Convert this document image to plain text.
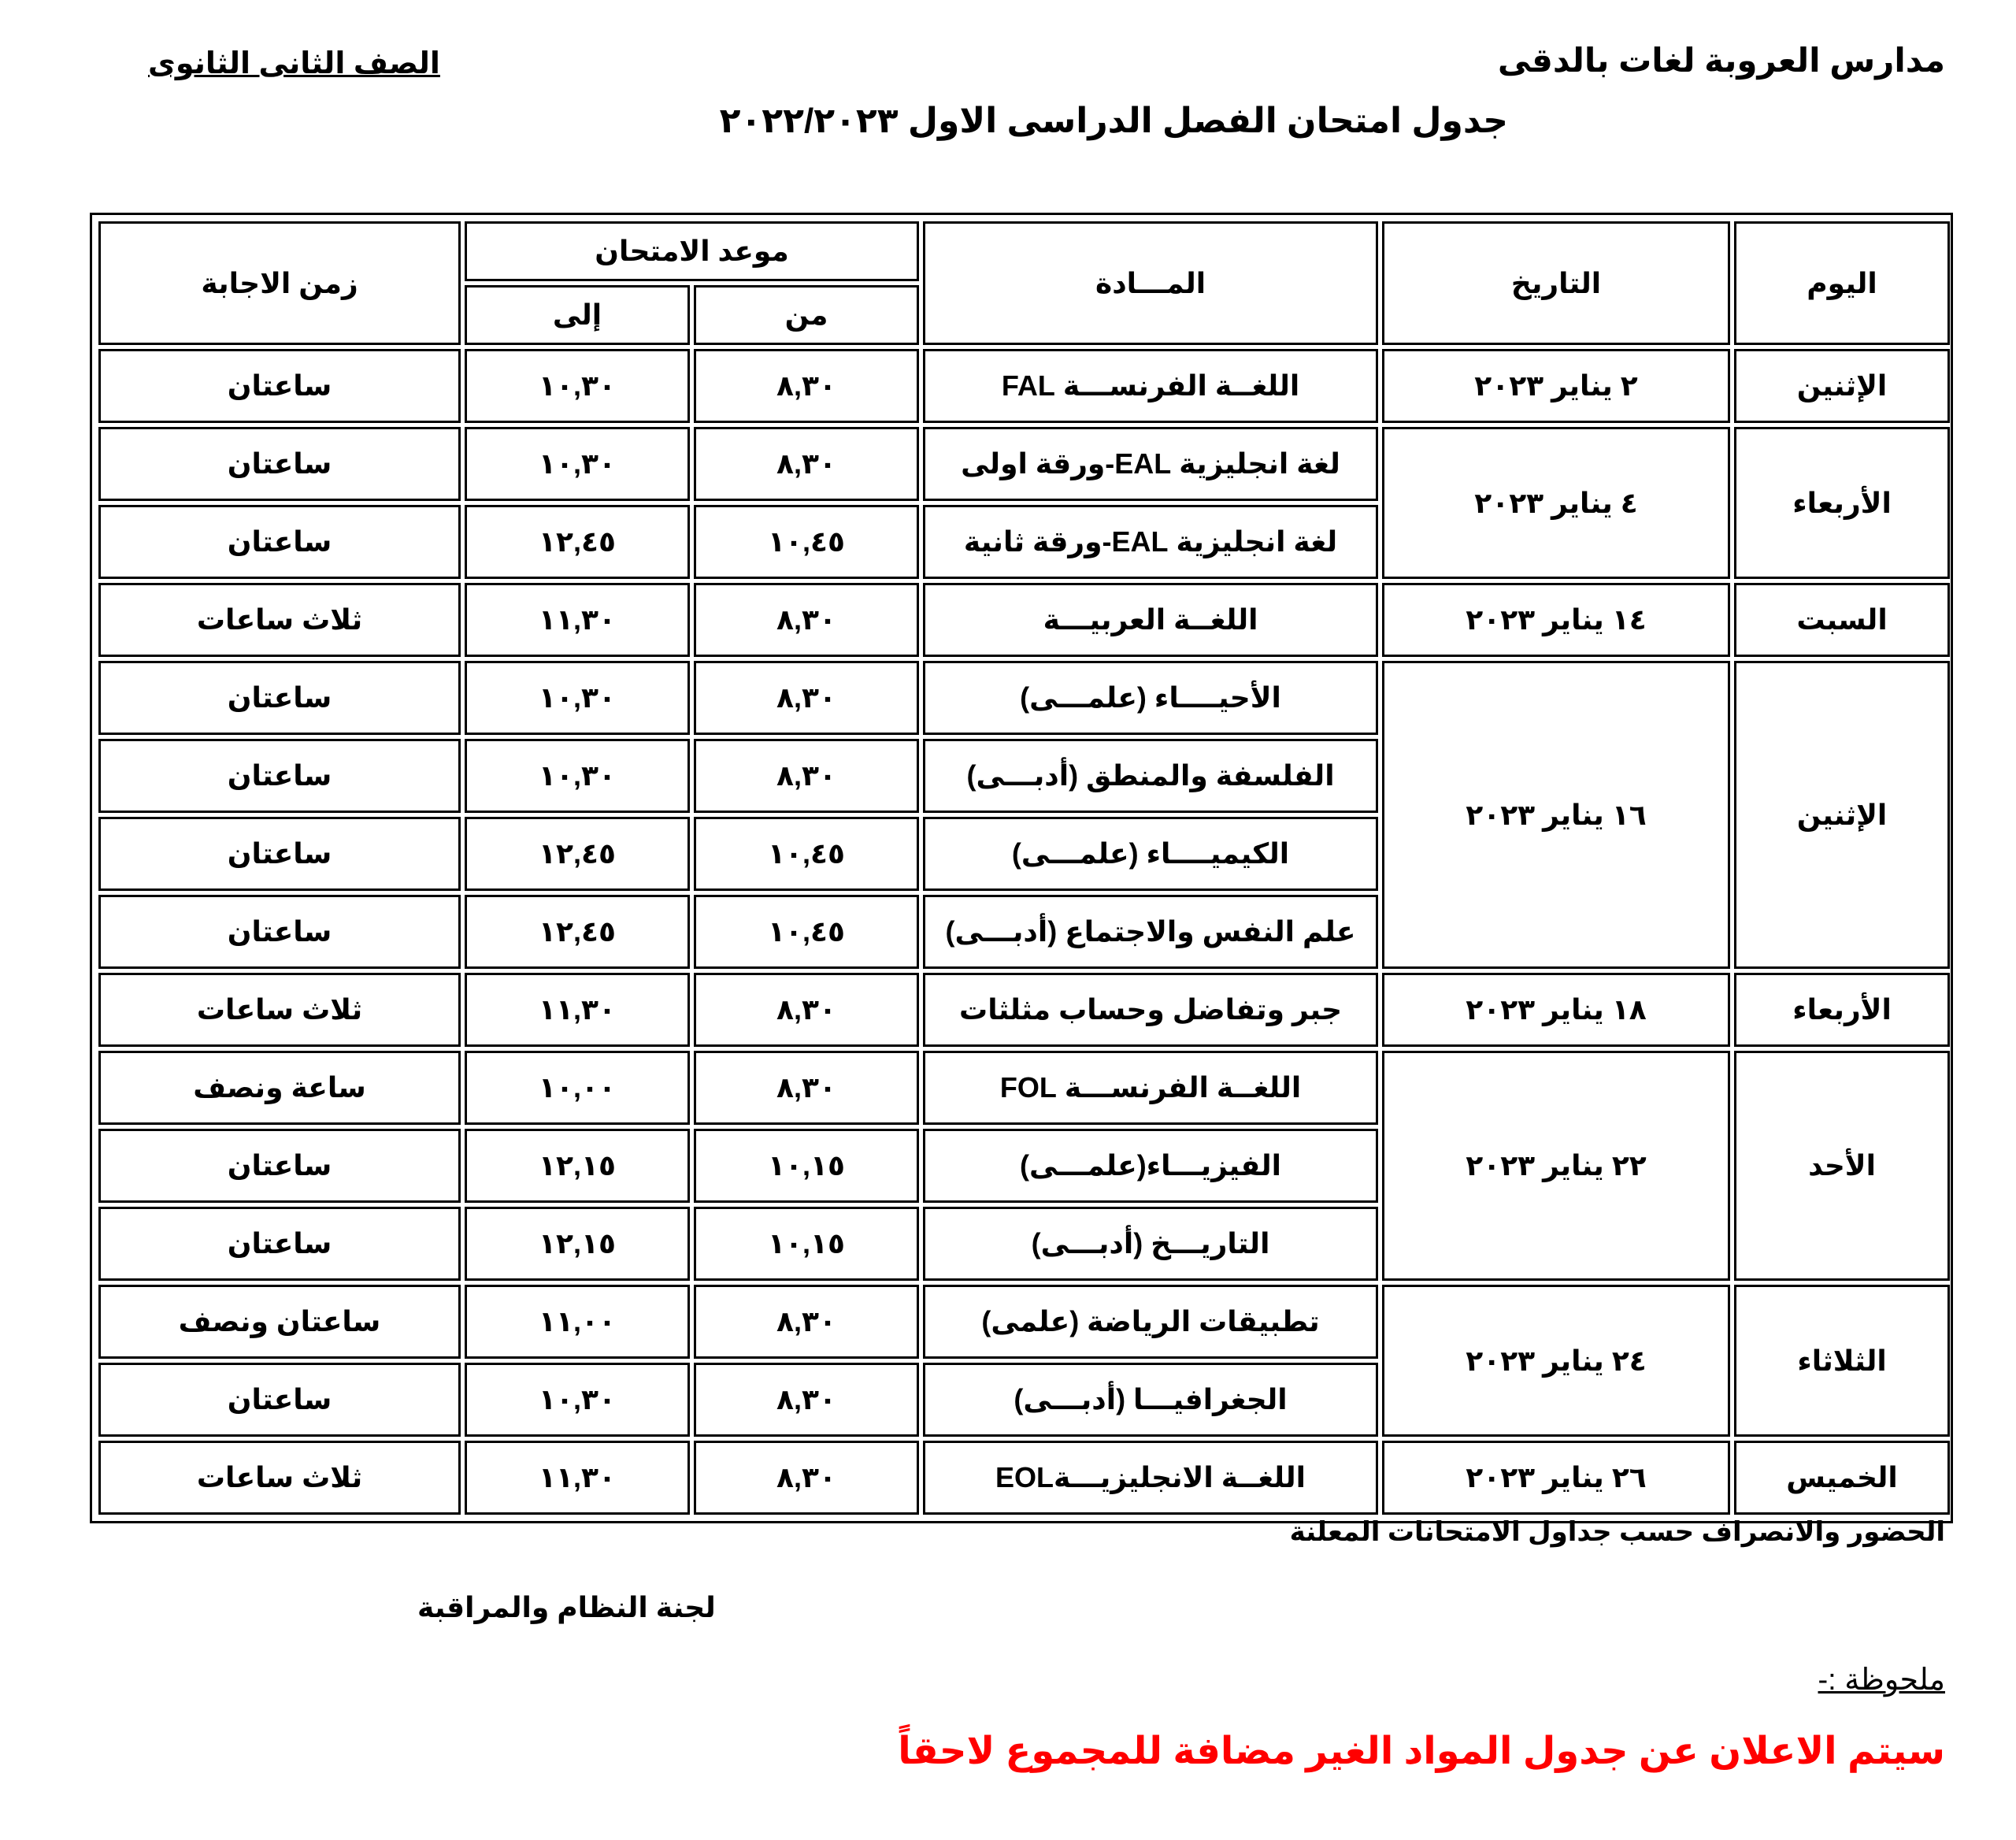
مدارس العروبة لغات بالدقى
الصف الثانى الثانوى
جدول امتحان الفصل الدراسى الاول ٢٠٢٢/٢٠٢٣
اليوم	التاريخ	المـــادة	موعد الامتحان		زمن الاجابة
			من	إلى	
الإثنين	٢ يناير ٢٠٢٣	اللغــة الفرنســـة FAL	٨,٣٠	١٠,٣٠	ساعتان
الأربعاء	٤ يناير ٢٠٢٣	لغة انجليزية EAL-ورقة اولى	٨,٣٠	١٠,٣٠	ساعتان
		لغة انجليزية EAL-ورقة ثانية	١٠,٤٥	١٢,٤٥	ساعتان
السبت	١٤ يناير ٢٠٢٣	اللغــة العربيـــة	٨,٣٠	١١,٣٠	ثلاث ساعات
الإثنين	١٦ يناير ٢٠٢٣	الأحيــــاء (علمـــى)	٨,٣٠	١٠,٣٠	ساعتان
		الفلسفة والمنطق (أدبـــى)	٨,٣٠	١٠,٣٠	ساعتان
		الكيميــــاء (علمـــى)	١٠,٤٥	١٢,٤٥	ساعتان
		علم النفس والاجتماع (أدبـــى)	١٠,٤٥	١٢,٤٥	ساعتان
الأربعاء	١٨ يناير ٢٠٢٣	جبر وتفاضل وحساب مثلثات	٨,٣٠	١١,٣٠	ثلاث ساعات
الأحد	٢٢ يناير ٢٠٢٣	اللغــة الفرنســـة FOL	٨,٣٠	١٠,٠٠	ساعة ونصف
		الفيزيـــاء(علمـــى)	١٠,١٥	١٢,١٥	ساعتان
		التاريـــخ (أدبـــى)	١٠,١٥	١٢,١٥	ساعتان
الثلاثاء	٢٤ يناير ٢٠٢٣	تطبيقات الرياضة (علمى)	٨,٣٠	١١,٠٠	ساعتان ونصف
		الجغرافيـــا (أدبـــى)	٨,٣٠	١٠,٣٠	ساعتان
الخميس	٢٦ يناير ٢٠٢٣	اللغــة الانجليزيـــةEOL	٨,٣٠	١١,٣٠	ثلاث ساعات
الحضور والانصراف حسب جداول الامتحانات المعلنة
لجنة النظام والمراقبة
ملحوظة :-
سيتم الاعلان عن جدول المواد الغير مضافة للمجموع لاحقاً
